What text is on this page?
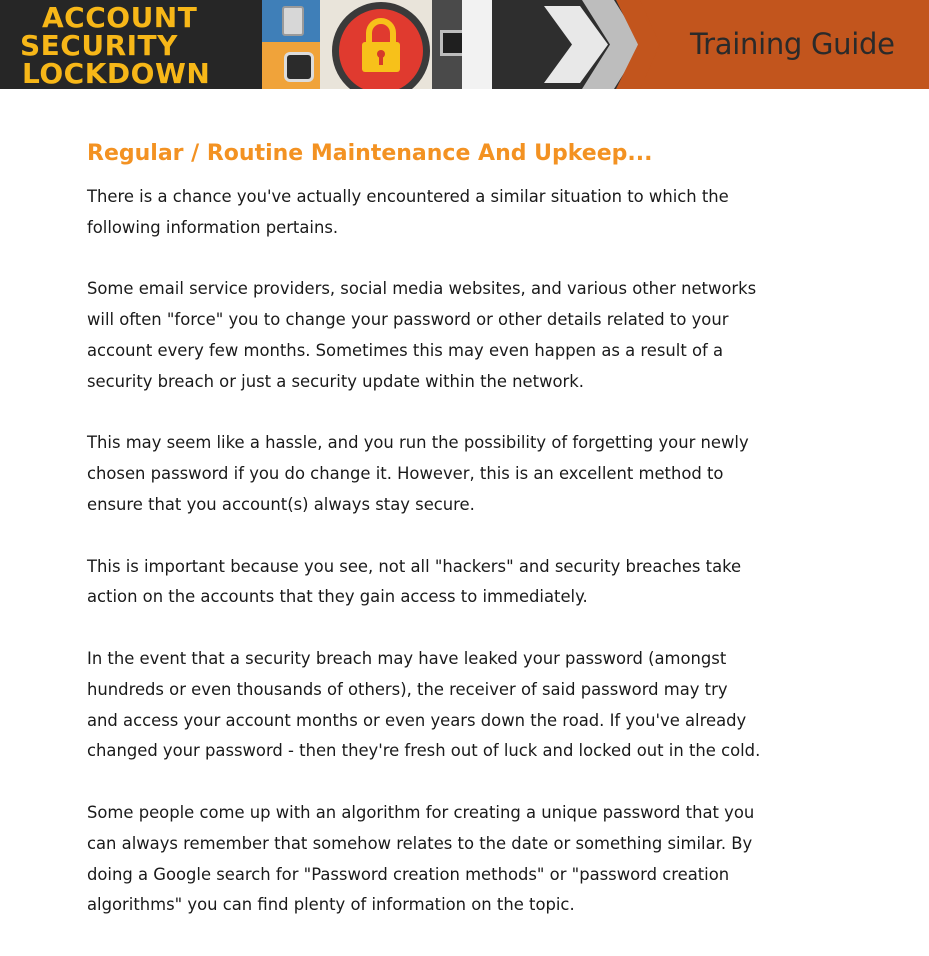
ACCOUNT
SECURITY
LOCKDOWN
Training Guide
Regular / Routine Maintenance And Upkeep...

There is a chance you've actually encountered a similar situation to which the
following information pertains.

Some email service providers, social media websites, and various other networks
will often "force" you to change your password or other details related to your
account every few months. Sometimes this may even happen as a result of a
security breach or just a security update within the network.

This may seem like a hassle, and you run the possibility of forgetting your newly
chosen password if you do change it. However, this is an excellent method to
ensure that you account(s) always stay secure.

This is important because you see, not all "hackers" and security breaches take
action on the accounts that they gain access to immediately.

In the event that a security breach may have leaked your password (amongst
hundreds or even thousands of others), the receiver of said password may try
and access your account months or even years down the road. If you've already
changed your password - then they're fresh out of luck and locked out in the cold.

Some people come up with an algorithm for creating a unique password that you
can always remember that somehow relates to the date or something similar. By
doing a Google search for "Password creation methods" or "password creation
algorithms" you can find plenty of information on the topic.
